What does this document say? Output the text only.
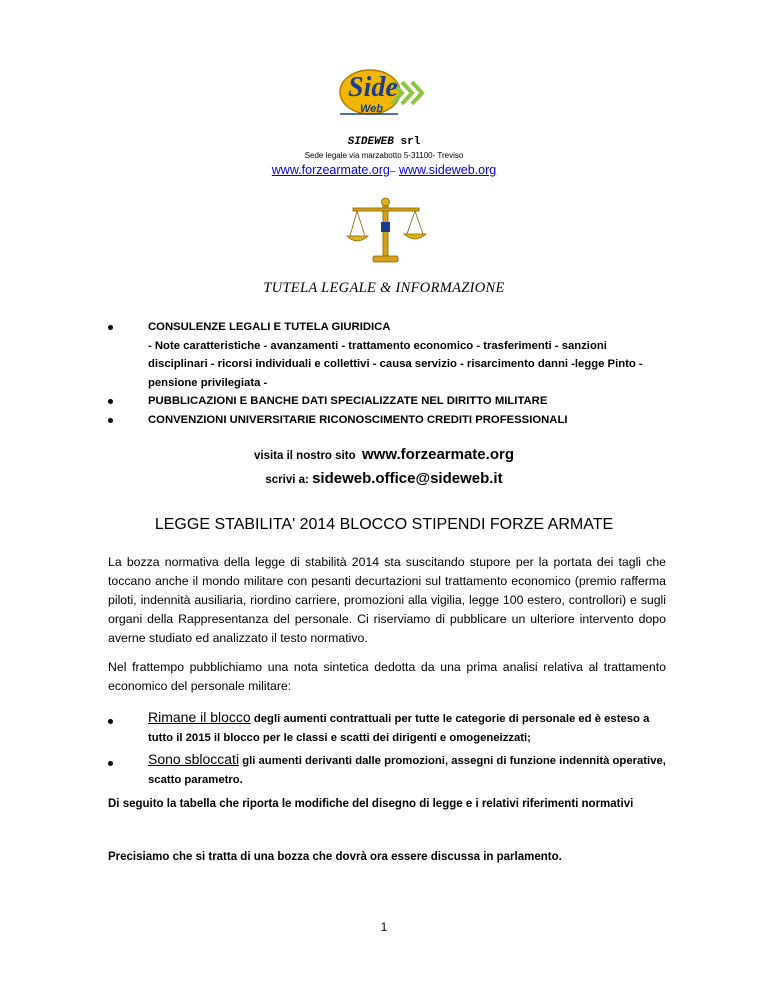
Side
Web
SIDEWEB srl
Sede legale via marzabotto 5-31100- Treviso
www.forzearmate.org– www.sideweb.org
TUTELA LEGALE & INFORMAZIONE
CONSULENZE LEGALI E TUTELA GIURIDICA
- Note caratteristiche - avanzamenti - trattamento economico - trasferimenti - sanzioni disciplinari - ricorsi individuali e collettivi - causa servizio - risarcimento danni -legge Pinto - pensione privilegiata -
PUBBLICAZIONI E BANCHE DATI SPECIALIZZATE NEL DIRITTO MILITARE
CONVENZIONI UNIVERSITARIE RICONOSCIMENTO CREDITI PROFESSIONALI
visita il nostro sito www.forzearmate.org
scrivi a: sideweb.office@sideweb.it
LEGGE STABILITA' 2014 BLOCCO STIPENDI FORZE ARMATE

La bozza normativa della legge di stabilità 2014 sta suscitando stupore per la portata dei tagli che toccano anche il mondo militare con pesanti decurtazioni sul trattamento economico (premio rafferma piloti, indennità ausiliaria, riordino carriere, promozioni alla vigilia, legge 100 estero, controllori) e sugli organi della Rappresentanza del personale. Ci riserviamo di pubblicare un ulteriore intervento dopo averne studiato ed analizzato il testo normativo.

Nel frattempo pubblichiamo una nota sintetica dedotta da una prima analisi relativa al trattamento economico del personale militare:

Rimane il blocco degli aumenti contrattuali per tutte le categorie di personale ed è esteso a tutto il 2015 il blocco per le classi e scatti dei dirigenti e omogeneizzati;
Sono sbloccati gli aumenti derivanti dalle promozioni, assegni di funzione indennità operative, scatto parametro.

Di seguito la tabella che riporta le modifiche del disegno di legge e i relativi riferimenti normativi

Precisiamo che si tratta di una bozza che dovrà ora essere discussa in parlamento.

1
